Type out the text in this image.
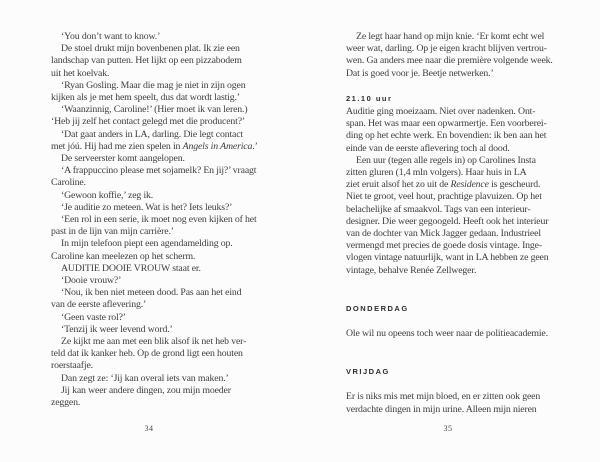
‘You don’t want to know.’
De stoel drukt mijn bovenbenen plat. Ik zie een
landschap van putten. Het lijkt op een pizzabodem
uit het koelvak.
‘Ryan Gosling. Maar die mag je niet in zijn ogen
kijken als je met hem speelt, dus dat wordt lastig.’
‘Waanzinnig, Caroline!’ (Hier moet ik van leren.)
‘Heb jij zelf het contact gelegd met die producent?’
‘Dat gaat anders in LA, darling. Die legt contact
met jóú. Hij had me zien spelen in Angels in America.’
De serveerster komt aangelopen.
‘A frappuccino please met sojamelk? En jij?’ vraagt
Caroline.
‘Gewoon koffie,’ zeg ik.
‘Je auditie zo meteen. Wat is het? Iets leuks?’
‘Een rol in een serie, ik moet nog even kijken of het
past in de lijn van mijn carrière.’
In mijn telefoon piept een agendamelding op.
Caroline kan meelezen op het scherm.
AUDITIE DOOIE VROUW staat er.
‘Dooie vrouw?’
‘Nou, ik ben niet meteen dood. Pas aan het eind
van de eerste aflevering.’
‘Geen vaste rol?’
‘Tenzij ik weer levend word.’
Ze kijkt me aan met een blik alsof ik net heb ver-
teld dat ik kanker heb. Op de grond ligt een houten
roerstaafje.
Dan zegt ze: ‘Jij kan overal iets van maken.’
Jij kan weer andere dingen, zou mijn moeder
zeggen.
34
Ze legt haar hand op mijn knie. ‘Er komt echt wel
weer wat, darling. Op je eigen kracht blijven vertrou-
wen. Ga anders mee naar die première volgende week.
Dat is goed voor je. Beetje netwerken.’
21.10 uur
Auditie ging moeizaam. Niet over nadenken. Ont-
span. Het was maar een opwarmertje. Een voorberei-
ding op het echte werk. En bovendien: ik ben aan het
einde van de eerste aflevering toch al dood.
Een uur (tegen alle regels in) op Carolines Insta
zitten gluren (1,4 mln volgers). Haar huis in LA
ziet eruit alsof het zo uit de Residence is gescheurd.
Niet te groot, veel hout, prachtige plavuizen. Op het
belachelijke af smaakvol. Tags van een interieur-
designer. Die weer gegoogeld. Heeft ook het interieur
van de dochter van Mick Jagger gedaan. Industrieel
vermengd met precies de goede dosis vintage. Inge-
vlogen vintage natuurlijk, want in LA hebben ze geen
vintage, behalve Renée Zellweger.
DONDERDAG
Ole wil nu opeens toch weer naar de politieacademie.
VRIJDAG
Er is niks mis met mijn bloed, en er zitten ook geen
verdachte dingen in mijn urine. Alleen mijn nieren
35
